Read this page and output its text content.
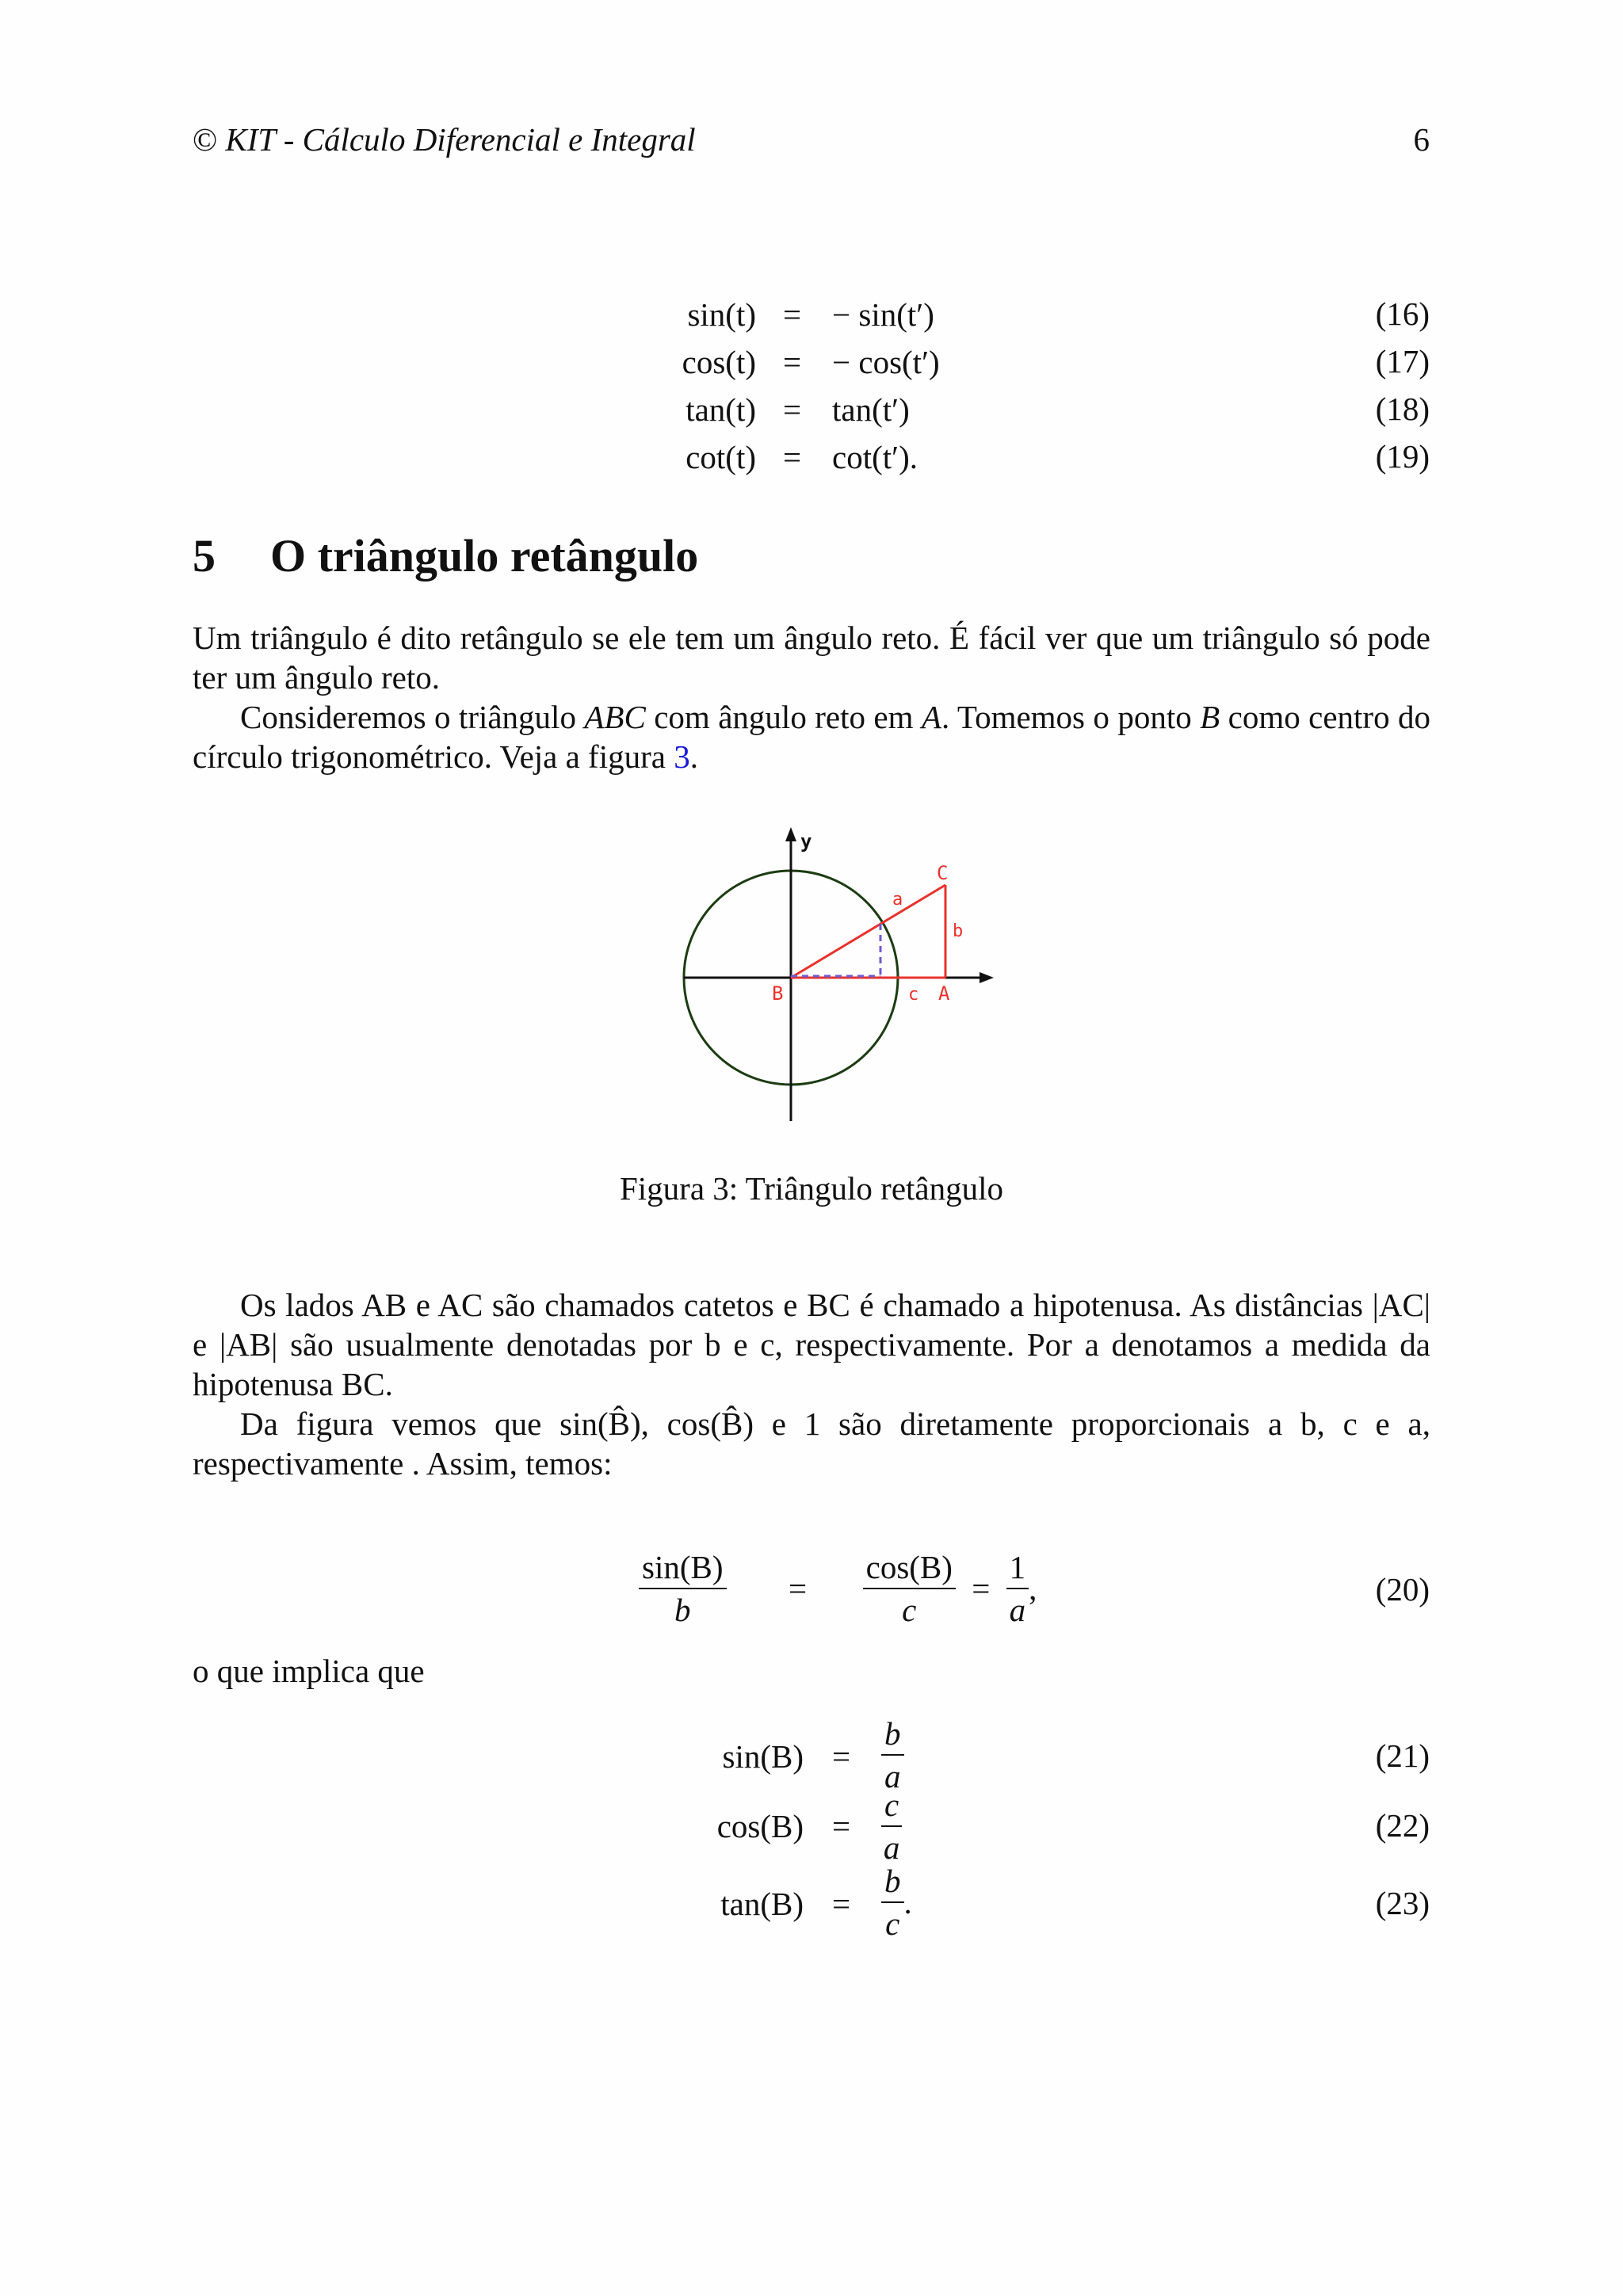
© KIT - Cálculo Diferencial e Integral	6
sin(t) = − sin(t′)	(16)
cos(t) = − cos(t′)	(17)
tan(t) = tan(t′)	(18)
cot(t) = cot(t′).	(19)
5 O triângulo retângulo

Um triângulo é dito retângulo se ele tem um ângulo reto. É fácil ver que um triângulo só pode ter um ângulo reto.

Consideremos o triângulo ABC com ângulo reto em A. Tomemos o ponto B como centro do círculo trigonométrico. Veja a figura 3.

y
B
C
A
a
b
c
Figura 3: Triângulo retângulo

Os lados AB e AC são chamados catetos e BC é chamado a hipotenusa. As distâncias |AC| e |AB| são usualmente denotadas por b e c, respectivamente. Por a denotamos a medida da hipotenusa BC.

Da figura vemos que sin(B̂), cos(B̂) e 1 são diretamente proporcionais a b, c e a, respectivamente . Assim, temos:

$\frac{\sin(B)}{b} = \frac{\cos(B)}{c} = \frac{1}{a}$ ,	(20)

o que implica que

$\sin(B) = \frac{b}{a}$	(21)
$\cos(B) = \frac{c}{a}$	(22)
$\tan(B) = \frac{b}{c}$ .	(23)
